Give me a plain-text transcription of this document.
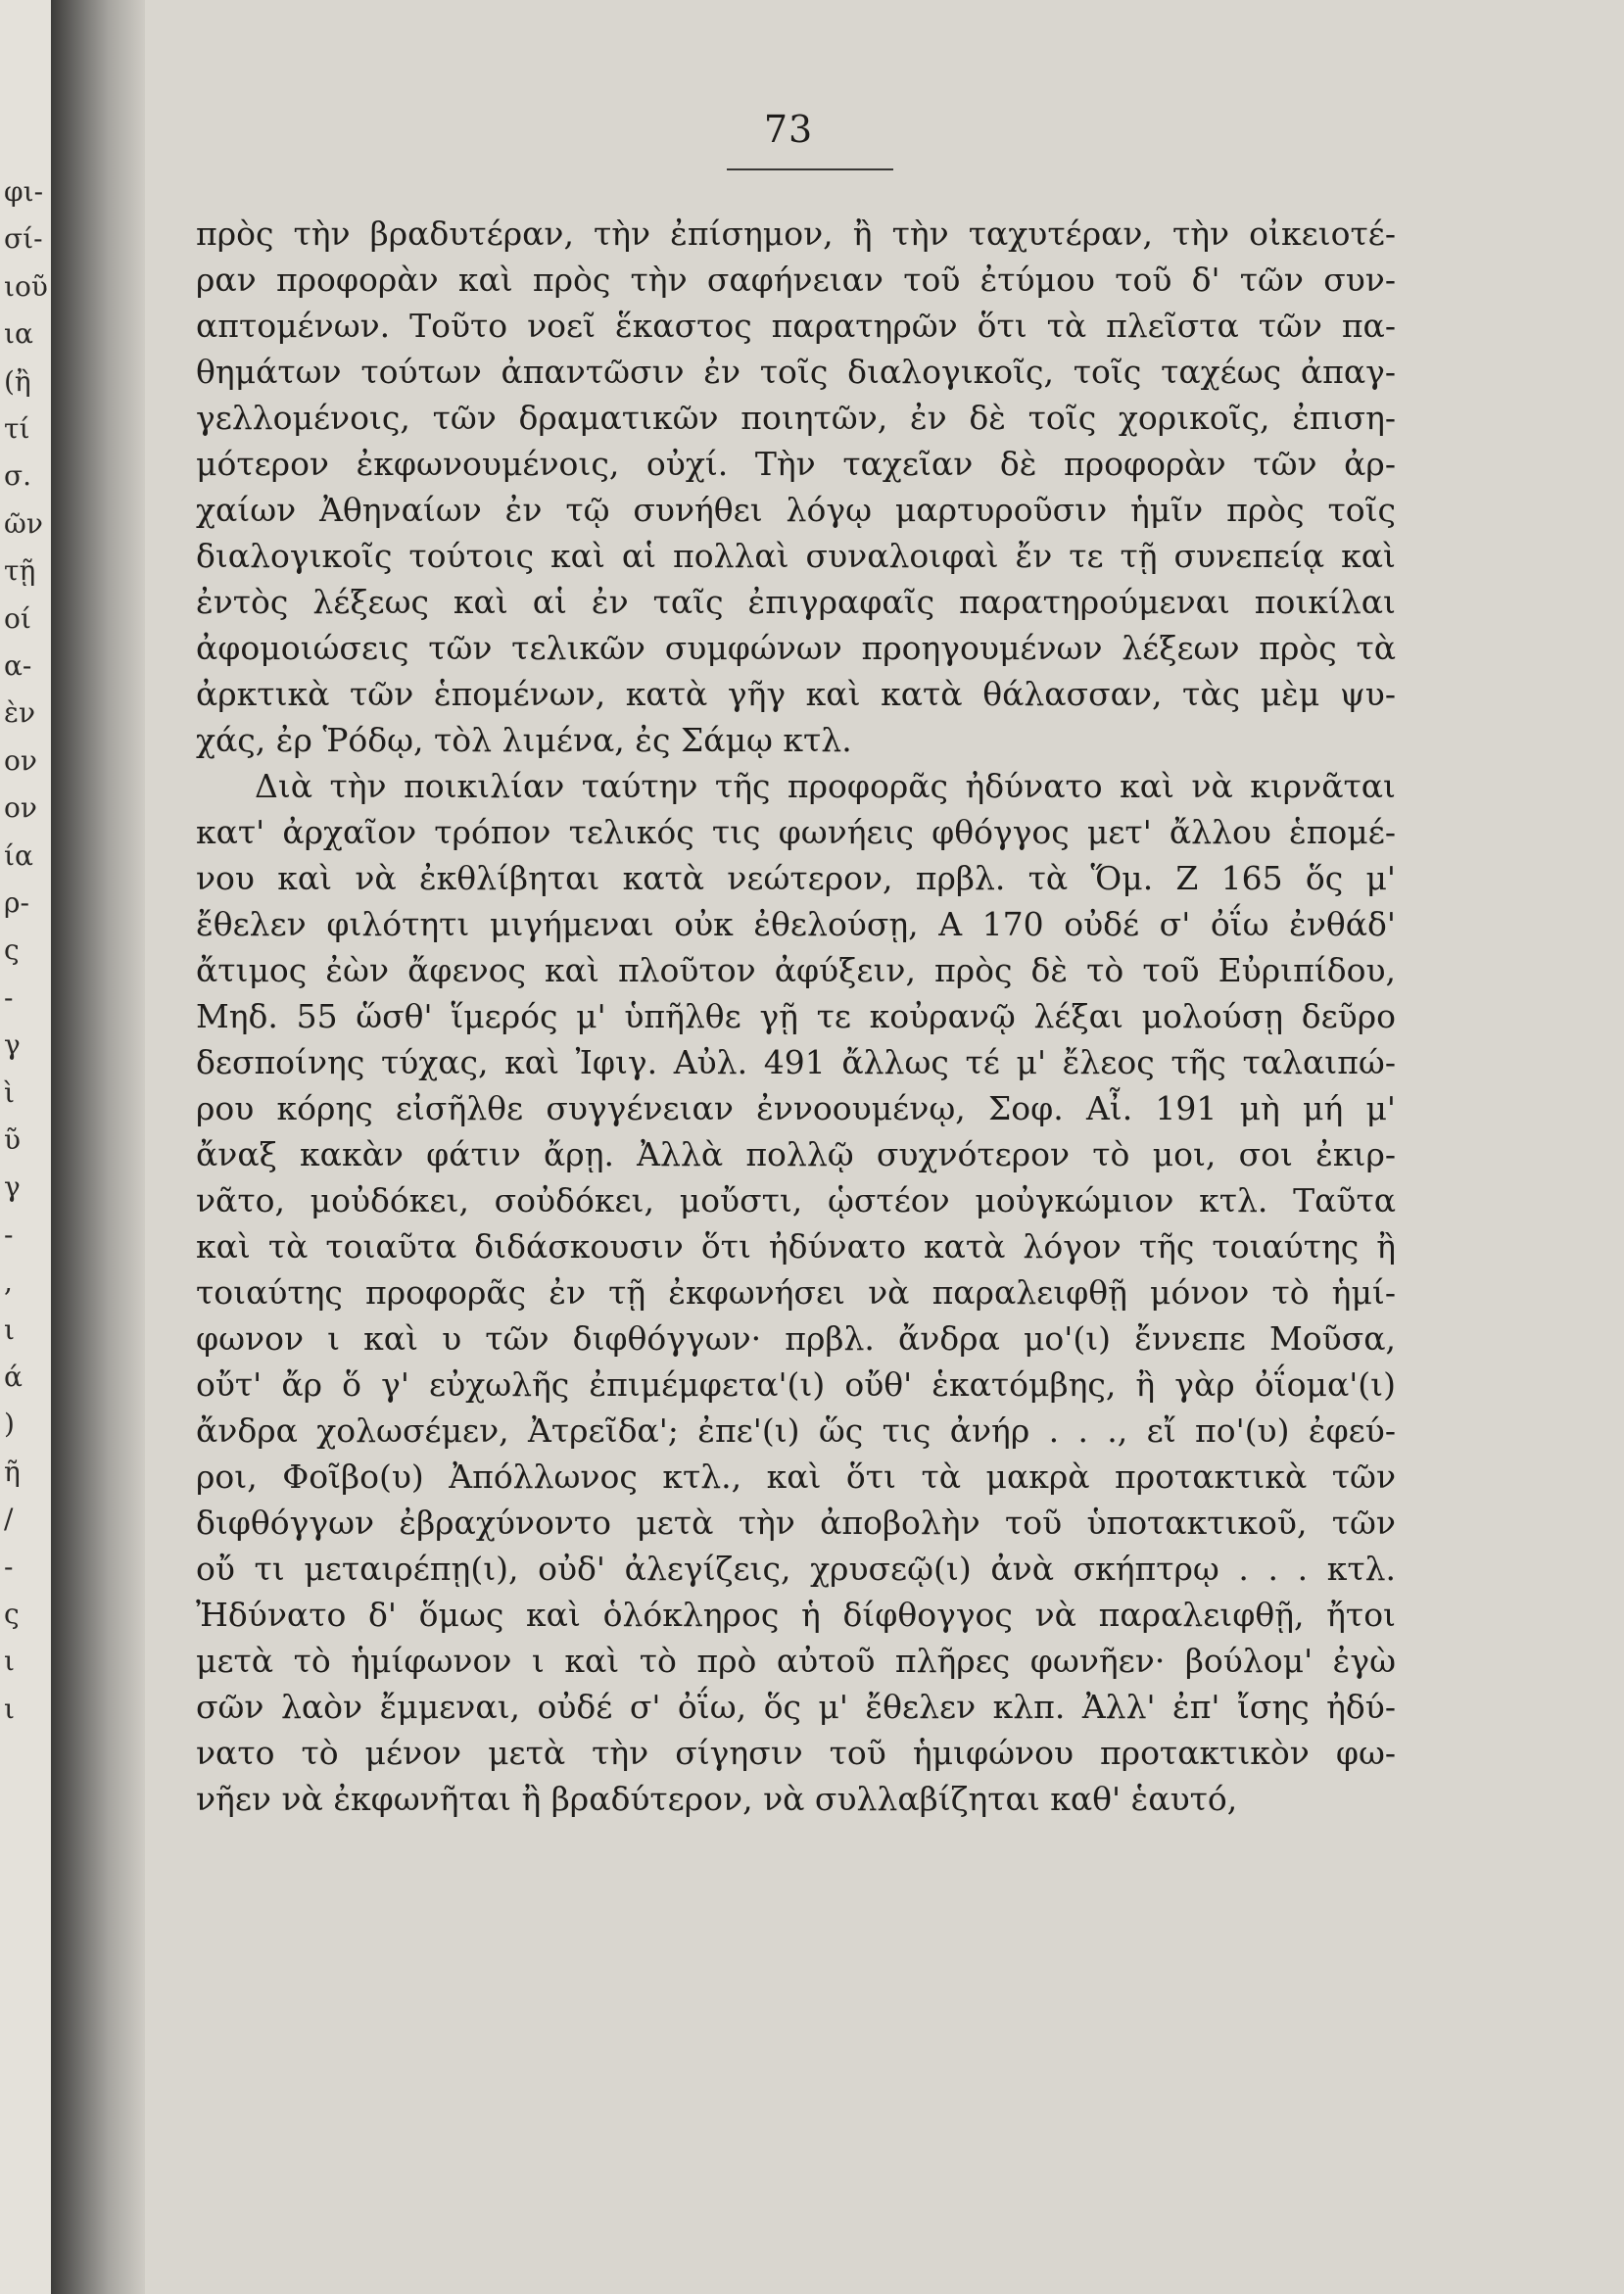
φι-
σί-
ιοῦ
ια
(ἢ
τί
σ.
ῶν
τῇ
οί
α-
ὲν
ον
ον
ία
ρ-
ς
-
γ
ὶ
ῦ
γ
-
,
ι
ά
)
ῆ
/
-
ς
ι
ι
73
πρὸς τὴν βραδυτέραν, τὴν ἐπίσημον, ἢ τὴν ταχυτέραν, τὴν οἰκειοτέ-
ραν προφορὰν καὶ πρὸς τὴν σαφήνειαν τοῦ ἐτύμου τοῦ δ' τῶν συν-
απτομένων. Τοῦτο νοεῖ ἕκαστος παρατηρῶν ὅτι τὰ πλεῖστα τῶν πα-
θημάτων τούτων ἀπαντῶσιν ἐν τοῖς διαλογικοῖς, τοῖς ταχέως ἀπαγ-
γελλομένοις, τῶν δραματικῶν ποιητῶν, ἐν δὲ τοῖς χορικοῖς, ἐπιση-
μότερον ἐκφωνουμένοις, οὐχί. Τὴν ταχεῖαν δὲ προφορὰν τῶν ἀρ-
χαίων Ἀθηναίων ἐν τῷ συνήθει λόγῳ μαρτυροῦσιν ἡμῖν πρὸς τοῖς
διαλογικοῖς τούτοις καὶ αἱ πολλαὶ συναλοιφαὶ ἔν τε τῇ συνεπείᾳ καὶ
ἐντὸς λέξεως καὶ αἱ ἐν ταῖς ἐπιγραφαῖς παρατηρούμεναι ποικίλαι
ἀφομοιώσεις τῶν τελικῶν συμφώνων προηγουμένων λέξεων πρὸς τὰ
ἀρκτικὰ τῶν ἑπομένων, κατὰ γῆγ καὶ κατὰ θάλασσαν, τὰς μὲμ ψυ-
χάς, ἐρ Ῥόδῳ, τὸλ λιμένα, ἐς Σάμῳ κτλ.
Διὰ τὴν ποικιλίαν ταύτην τῆς προφορᾶς ἠδύνατο καὶ νὰ κιρνᾶται
κατ' ἀρχαῖον τρόπον τελικός τις φωνήεις φθόγγος μετ' ἄλλου ἑπομέ-
νου καὶ νὰ ἐκθλίβηται κατὰ νεώτερον, πρβλ. τὰ Ὅμ. Ζ 165 ὅς μ'
ἔθελεν φιλότητι μιγήμεναι οὐκ ἐθελούσῃ, Α 170 οὐδέ σ' ὀΐω ἐνθάδ'
ἄτιμος ἐὼν ἄφενος καὶ πλοῦτον ἀφύξειν, πρὸς δὲ τὸ τοῦ Εὐριπίδου,
Μηδ. 55 ὥσθ' ἵμερός μ' ὑπῆλθε γῇ τε κοὐρανῷ λέξαι μολούσῃ δεῦρο
δεσποίνης τύχας, καὶ Ἰφιγ. Αὐλ. 491 ἄλλως τέ μ' ἔλεος τῆς ταλαιπώ-
ρου κόρης εἰσῆλθε συγγένειαν ἐννοουμένῳ, Σοφ. Αἶ. 191 μὴ μή μ'
ἄναξ κακὰν φάτιν ἄρῃ. Ἀλλὰ πολλῷ συχνότερον τὸ μοι, σοι ἐκιρ-
νᾶτο, μοὐδόκει, σοὐδόκει, μοὔστι, ᾡστέον μοὐγκώμιον κτλ. Ταῦτα
καὶ τὰ τοιαῦτα διδάσκουσιν ὅτι ἠδύνατο κατὰ λόγον τῆς τοιαύτης ἢ
τοιαύτης προφορᾶς ἐν τῇ ἐκφωνήσει νὰ παραλειφθῇ μόνον τὸ ἡμί-
φωνον ι καὶ υ τῶν διφθόγγων· πρβλ. ἄνδρα μο'(ι) ἔννεπε Μοῦσα,
οὔτ' ἄρ ὅ γ' εὐχωλῆς ἐπιμέμφετα'(ι) οὔθ' ἑκατόμβης, ἢ γὰρ ὀΐομα'(ι)
ἄνδρα χολωσέμεν, Ἀτρεῖδα'; ἐπε'(ι) ὥς τις ἀνήρ . . ., εἴ πο'(υ) ἐφεύ-
ροι, Φοῖβο(υ) Ἀπόλλωνος κτλ., καὶ ὅτι τὰ μακρὰ προτακτικὰ τῶν
διφθόγγων ἐβραχύνοντο μετὰ τὴν ἀποβολὴν τοῦ ὑποτακτικοῦ, τῶν
οὔ τι μεταιρέπῃ(ι), οὐδ' ἀλεγίζεις, χρυσεῷ(ι) ἀνὰ σκήπτρῳ . . . κτλ.
Ἠδύνατο δ' ὅμως καὶ ὁλόκληρος ἡ δίφθογγος νὰ παραλειφθῇ, ἤτοι
μετὰ τὸ ἡμίφωνον ι καὶ τὸ πρὸ αὐτοῦ πλῆρες φωνῆεν· βούλομ' ἐγὼ
σῶν λαὸν ἔμμεναι, οὐδέ σ' ὀΐω, ὅς μ' ἔθελεν κλπ. Ἀλλ' ἐπ' ἴσης ἠδύ-
νατο τὸ μένον μετὰ τὴν σίγησιν τοῦ ἡμιφώνου προτακτικὸν φω-
νῆεν νὰ ἐκφωνῆται ἢ βραδύτερον, νὰ συλλαβίζηται καθ' ἑαυτό,
